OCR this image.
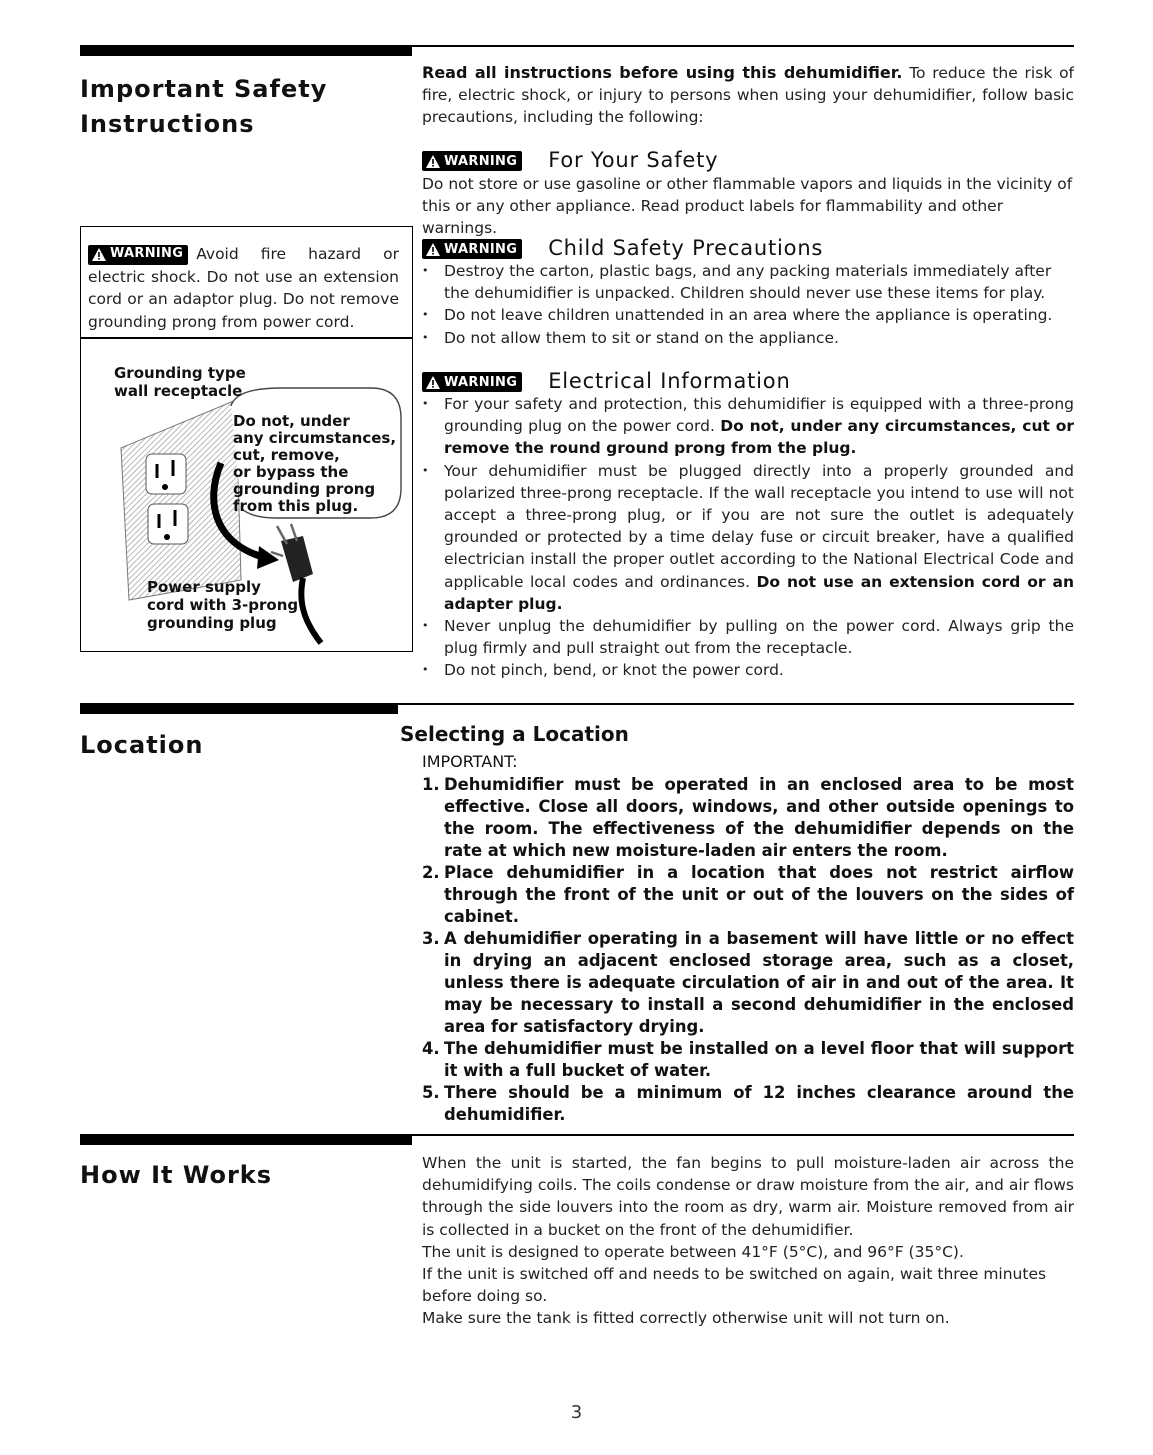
Important Safety
Instructions
Read all instructions before using this dehumidifier. To reduce the risk of fire, electric shock, or injury to persons when using your dehumidifier, follow basic precautions, including the following:
WARNING For Your Safety
Do not store or use gasoline or other flammable vapors and liquids in the vicinity of this or any other appliance. Read product labels for flammability and other warnings.
WARNING Avoid fire hazard or electric shock. Do not use an extension cord or an adaptor plug. Do not remove grounding prong from power cord.
Grounding type
wall receptacle
Do not, under
any circumstances,
cut, remove,
or bypass the
grounding prong
from this plug.
Power supply
cord with 3-prong
grounding plug
WARNING Child Safety Precautions
• Destroy the carton, plastic bags, and any packing materials immediately after the dehumidifier is unpacked. Children should never use these items for play.
• Do not leave children unattended in an area where the appliance is operating.
• Do not allow them to sit or stand on the appliance.
WARNING Electrical Information
• For your safety and protection, this dehumidifier is equipped with a three-prong grounding plug on the power cord. Do not, under any circumstances, cut or remove the round ground prong from the plug.
• Your dehumidifier must be plugged directly into a properly grounded and polarized three-prong receptacle. If the wall receptacle you intend to use will not accept a three-prong plug, or if you are not sure the outlet is adequately grounded or protected by a time delay fuse or circuit breaker, have a qualified electrician install the proper outlet according to the National Electrical Code and applicable local codes and ordinances. Do not use an extension cord or an adapter plug.
• Never unplug the dehumidifier by pulling on the power cord. Always grip the plug firmly and pull straight out from the receptacle.
• Do not pinch, bend, or knot the power cord.
Location	Selecting a Location
IMPORTANT:
1. Dehumidifier must be operated in an enclosed area to be most effective. Close all doors, windows, and other outside openings to the room. The effectiveness of the dehumidifier depends on the rate at which new moisture-laden air enters the room.
2. Place dehumidifier in a location that does not restrict airflow through the front of the unit or out of the louvers on the sides of cabinet.
3. A dehumidifier operating in a basement will have little or no effect in drying an adjacent enclosed storage area, such as a closet, unless there is adequate circulation of air in and out of the area. It may be necessary to install a second dehumidifier in the enclosed area for satisfactory drying.
4. The dehumidifier must be installed on a level floor that will support it with a full bucket of water.
5. There should be a minimum of 12 inches clearance around the dehumidifier.
How It Works	When the unit is started, the fan begins to pull moisture-laden air across the dehumidifying coils. The coils condense or draw moisture from the air, and air flows through the side louvers into the room as dry, warm air. Moisture removed from air is collected in a bucket on the front of the dehumidifier.
The unit is designed to operate between 41°F (5°C), and 96°F (35°C).
If the unit is switched off and needs to be switched on again, wait three minutes before doing so.
Make sure the tank is fitted correctly otherwise unit will not turn on.
3
